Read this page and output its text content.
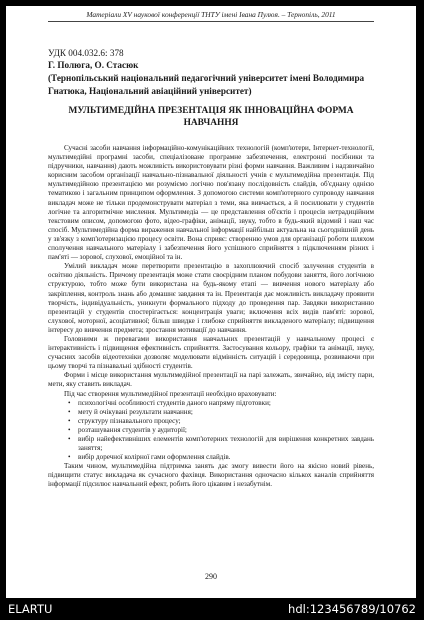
Матеріали XV наукової конференції ТНТУ імені Івана Пулюя. – Тернопіль, 2011
УДК 004.032.6: 378
Г. Полюга, О. Стасюк
(Тернопільський національний педагогічний університет імені Володимира Гнатюка, Національний авіаційний університет)
МУЛЬТИМЕДІЙНА ПРЕЗЕНТАЦІЯ ЯК ІННОВАЦІЙНА ФОРМА НАВЧАННЯ

Сучасні засоби навчання інформаційно-комунікаційних технологій (комп'ютери, Інтернет-технології, мультимедійні програмні засоби, спеціалізоване програмне забезпечення, електронні посібники та підручники, навчання) дають можливість використовувати різні форми навчання. Важливим і надзвичайно корисним засобом організації навчально-пізнавальної діяльності учнів є мультимедійна презентація. Під мультимедійною презентацією ми розуміємо логічно пов'язану послідовність слайдів, об'єднану однією тематикою і загальним принципом оформлення. З допомогою системи комп'ютерного супроводу навчання викладач може не тільки продемонструвати матеріал з теми, яка вивчається, а й посилювати у студентів логічне та алгоритмічне мислення. Мультимедіа — це представлення об'єктів і процесів нетрадиційним текстовим описом, допомогою фото, відео-графіки, анімації, звуку, тобто в будь-який відомий і наш час спосіб. Мультимедійна форма вираження навчальної інформації найбільш актуальна на сьогоднішній день у зв'язку з комп'ютеризацією процесу освіти. Вона сприяє: створенню умов для організації роботи шляхом сполучення навчального матеріалу і забезпечення його успішного сприйняття з підключенням різних і пам'яті — зорової, слухової, емоційної та ін.

Умілий викладач може перетворити презентацію в захоплюючий спосіб залучення студентів в освітню діяльність. Причому презентація може стати своєрідним планом побудови заняття, його логічною структурою, тобто може бути використана на будь-якому етапі — вивчення нового матеріалу або закріплення, контроль знань або домашнє завдання та ін. Презентація дає можливість викладачу проявити творчість, індивідуальність, уникнути формального підходу до проведення пар. Завдяки використанню презентацій у студентів спостерігається: концентрація уваги; включення всіх видів пам'яті: зорової, слухової, моторної, асоціативної; більш швидке і глибоке сприйняття викладеного матеріалу; підвищення інтересу до вивчення предмета; зростання мотивації до навчання.

Головними ж перевагами використання навчальних презентацій у навчальному процесі є інтерактивність і підвищення ефективність сприйняття. Застосування кольору, графіки та анімації, звуку, сучасних засобів відеотехніки дозволяє моделювати відмінність ситуацій і середовища, розвиваючи при цьому творчі та пізнавальні здібності студентів.

Форми і місце використання мультимедійної презентації на парі залежать, звичайно, від змісту пари, мети, яку ставить викладач.

Під час створення мультимедійної презентації необхідно враховувати:

• психологічні особливості студентів даного напряму підготовки;
• мету й очікувані результати навчання;
• структуру пізнавального процесу;
• розташування студентів у аудиторії;
• вибір найефективніших елементів комп'ютерних технологій для вирішення конкретних завдань заняття;
• вибір доречної колірної гами оформлення слайдів.

Таким чином, мультимедійна підтримка занять дає змогу вивести його на якісно новий рівень, підвищити статус викладача як сучасного фахівця. Використання одночасно кількох каналів сприйняття інформації підсилює навчальний ефект, робить його цікавим і незабутнім.

290
ELARTU	hdl:123456789/10762
